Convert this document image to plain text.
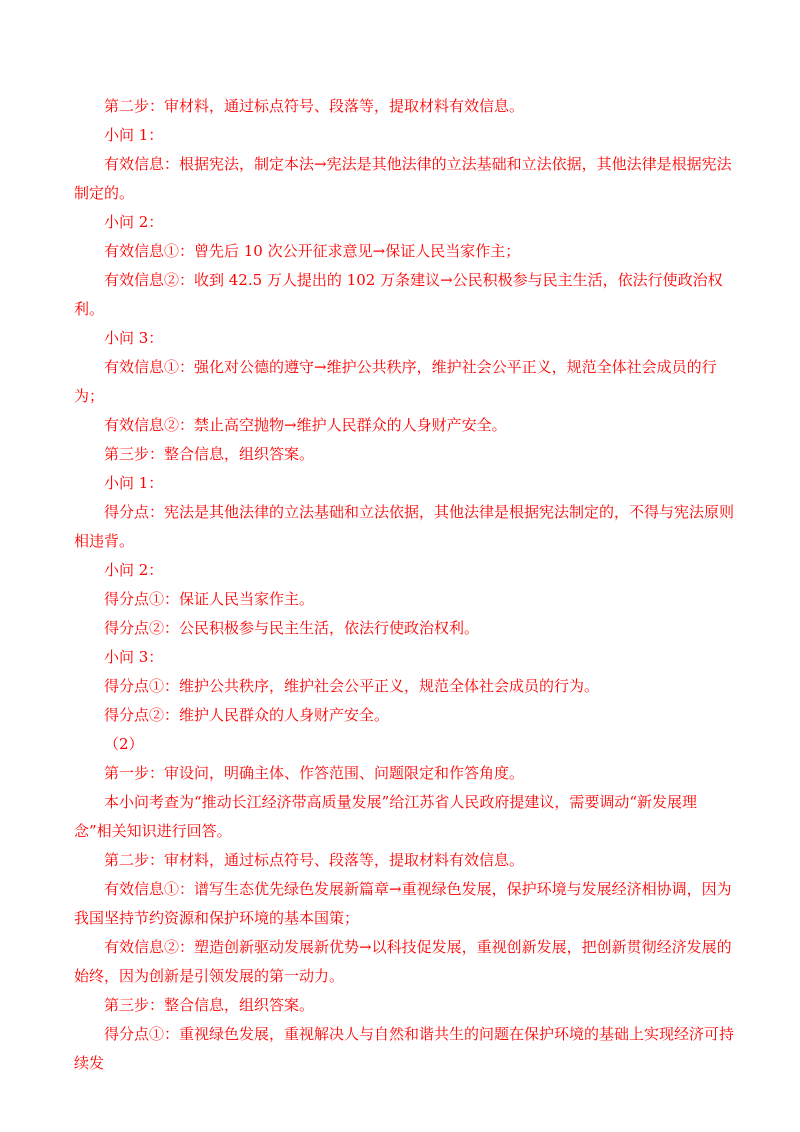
第二步：审材料，通过标点符号、段落等，提取材料有效信息。

小问 1：

有效信息：根据宪法，制定本法→宪法是其他法律的立法基础和立法依据，其他法律是根据宪法制定的。

小问 2：

有效信息①：曾先后 10 次公开征求意见→保证人民当家作主；

有效信息②：收到 42.5 万人提出的 102 万条建议→公民积极参与民主生活，依法行使政治权利。

小问 3：

有效信息①：强化对公德的遵守→维护公共秩序，维护社会公平正义，规范全体社会成员的行为；

有效信息②：禁止高空抛物→维护人民群众的人身财产安全。

第三步：整合信息，组织答案。

小问 1：

得分点：宪法是其他法律的立法基础和立法依据，其他法律是根据宪法制定的，不得与宪法原则相违背。

小问 2：

得分点①：保证人民当家作主。

得分点②：公民积极参与民主生活，依法行使政治权利。

小问 3：

得分点①：维护公共秩序，维护社会公平正义，规范全体社会成员的行为。

得分点②：维护人民群众的人身财产安全。

（2）

第一步：审设问，明确主体、作答范围、问题限定和作答角度。

本小问考查为“推动长江经济带高质量发展”给江苏省人民政府提建议，需要调动“新发展理念”相关知识进行回答。

第二步：审材料，通过标点符号、段落等，提取材料有效信息。

有效信息①：谱写生态优先绿色发展新篇章→重视绿色发展，保护环境与发展经济相协调，因为我国坚持节约资源和保护环境的基本国策；

有效信息②：塑造创新驱动发展新优势→以科技促发展，重视创新发展，把创新贯彻经济发展的始终，因为创新是引领发展的第一动力。

第三步：整合信息，组织答案。

得分点①：重视绿色发展，重视解决人与自然和谐共生的问题在保护环境的基础上实现经济可持续发
